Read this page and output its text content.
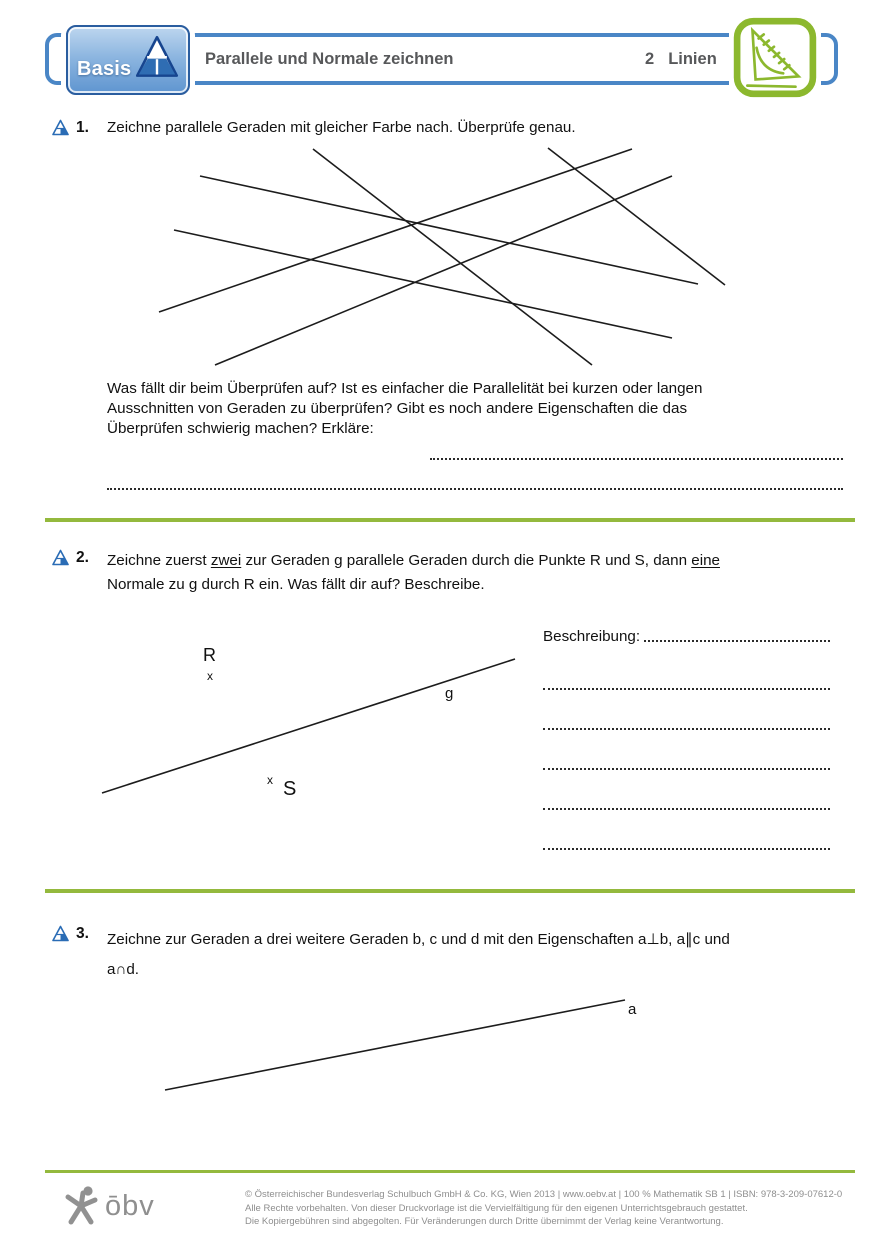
Basis	Parallele und Normale zeichnen	2 Linien
1. Zeichne parallele Geraden mit gleicher Farbe nach. Überprüfe genau.
Was fällt dir beim Überprüfen auf? Ist es einfacher die Parallelität bei kurzen oder langen
Ausschnitten von Geraden zu überprüfen? Gibt es noch andere Eigenschaften die das
Überprüfen schwierig machen? Erkläre:
2. Zeichne zuerst zwei zur Geraden g parallele Geraden durch die Punkte R und S, dann eine
Normale zu g durch R ein. Was fällt dir auf? Beschreibe.
R
x
g
x S
Beschreibung:
3. Zeichne zur Geraden a drei weitere Geraden b, c und d mit den Eigenschaften a⊥b, a∥c und
a∩d.
a
ōbv	© Österreichischer Bundesverlag Schulbuch GmbH & Co. KG, Wien 2013 | www.oebv.at | 100 % Mathematik SB 1 | ISBN: 978-3-209-07612-0
Alle Rechte vorbehalten. Von dieser Druckvorlage ist die Vervielfältigung für den eigenen Unterrichtsgebrauch gestattet.
Die Kopiergebühren sind abgegolten. Für Veränderungen durch Dritte übernimmt der Verlag keine Verantwortung.
